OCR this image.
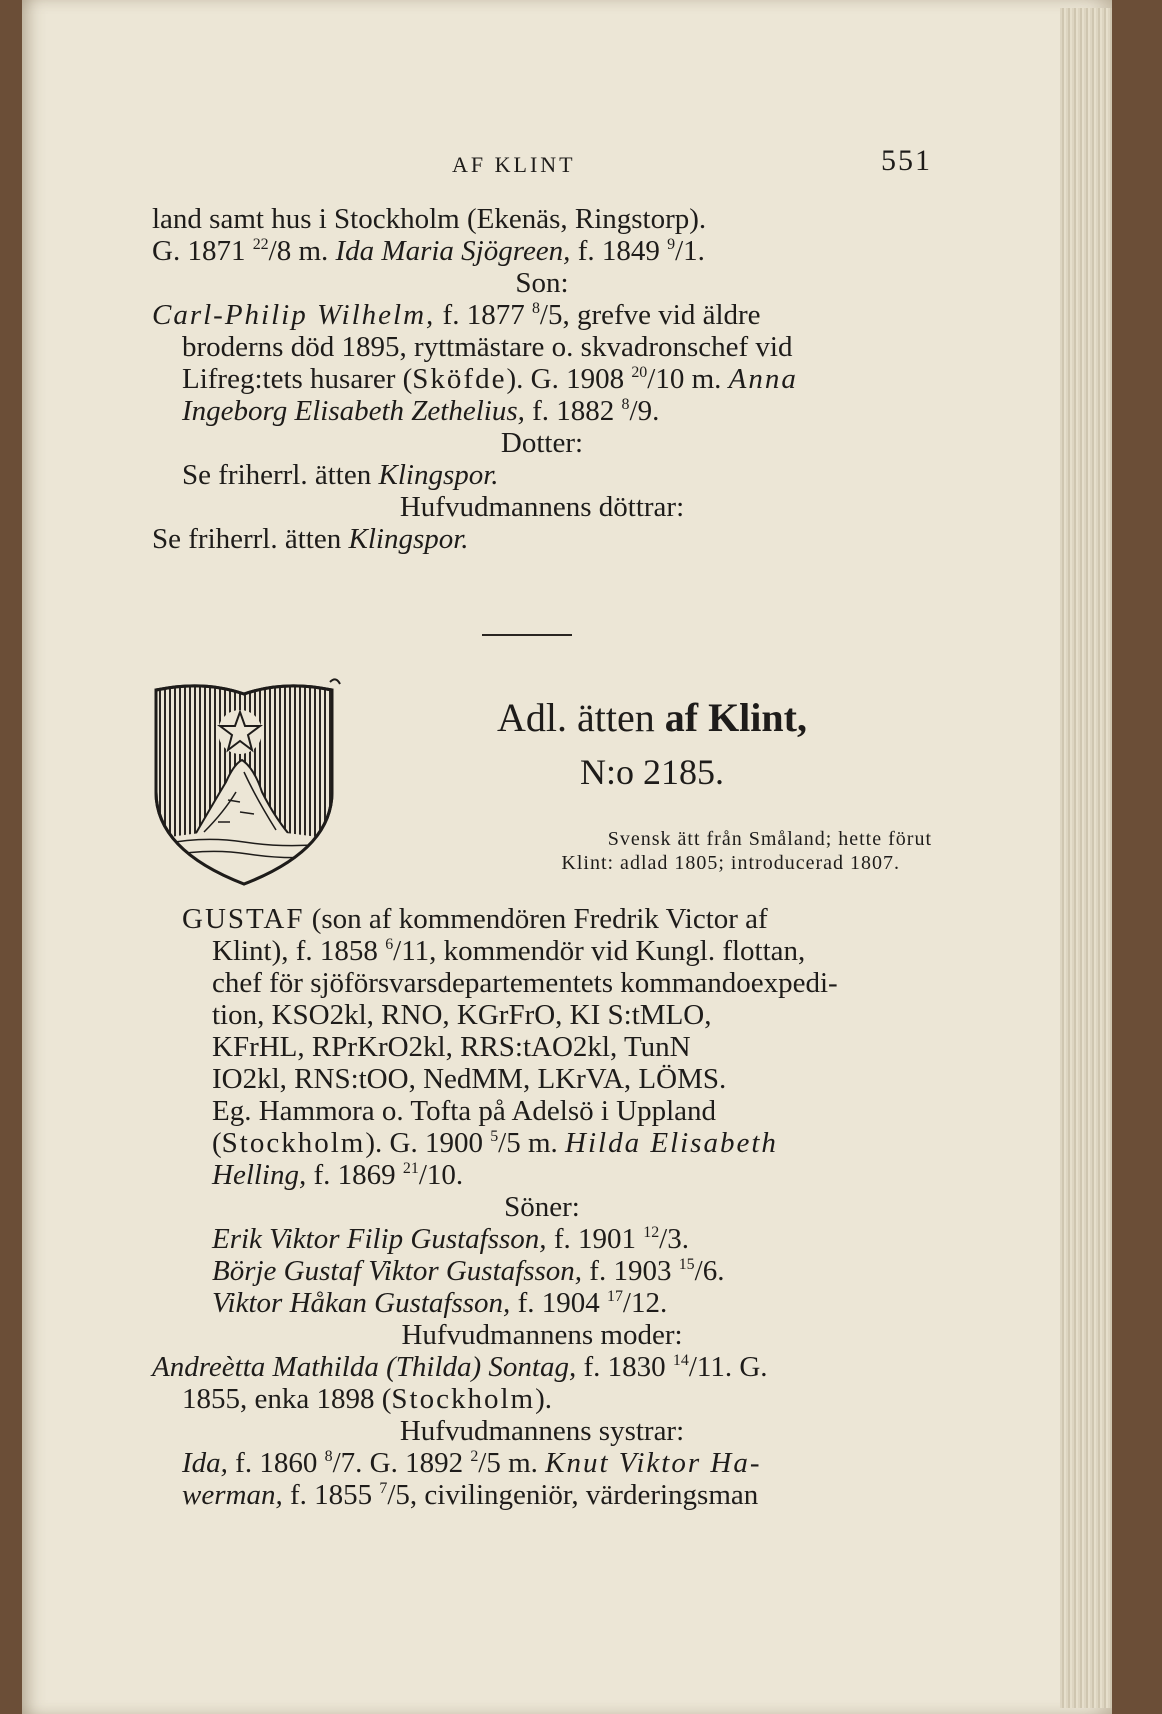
AF KLINT	551
land samt hus i Stockholm (Ekenäs, Ringstorp).
G. 1871 $^{22}$/8 m. Ida Maria Sjögreen, f. 1849 $^9$/1.
Son:
Carl-Philip Wilhelm, f. 1877 $^8$/5, grefve vid äldre
broderns död 1895, ryttmästare o. skvadronschef vid
Lifreg:tets husarer (Sköfde). G. 1908 $^{20}$/10 m. Anna
Ingeborg Elisabeth Zethelius, f. 1882 $^8$/9.
Dotter:
Se friherrl. ätten Klingspor.
Hufvudmannens döttrar:
Se friherrl. ätten Klingspor.
Adl. ätten af Klint,
N:o 2185.
Svensk ätt från Småland; hette förut
Klint: adlad 1805; introducerad 1807.
GUSTAF (son af kommendören Fredrik Victor af
Klint), f. 1858 $^6$/11, kommendör vid Kungl. flottan,
chef för sjöförsvarsdepartementets kommandoexpedi-
tion, KSO2kl, RNO, KGrFrO, KI S:tMLO,
KFrHL, RPrKrO2kl, RRS:tAO2kl, TunN
IO2kl, RNS:tOO, NedMM, LKrVA, LÖMS.
Eg. Hammora o. Tofta på Adelsö i Uppland
(Stockholm). G. 1900 $^5$/5 m. Hilda Elisabeth
Helling, f. 1869 $^{21}$/10.
Söner:
Erik Viktor Filip Gustafsson, f. 1901 $^{12}$/3.
Börje Gustaf Viktor Gustafsson, f. 1903 $^{15}$/6.
Viktor Håkan Gustafsson, f. 1904 $^{17}$/12.
Hufvudmannens moder:
Andreètta Mathilda (Thilda) Sontag, f. 1830 $^{14}$/11. G.
1855, enka 1898 (Stockholm).
Hufvudmannens systrar:
Ida, f. 1860 $^8$/7. G. 1892 $^2$/5 m. Knut Viktor Ha-
werman, f. 1855 $^7$/5, civilingeniör, värderingsman
